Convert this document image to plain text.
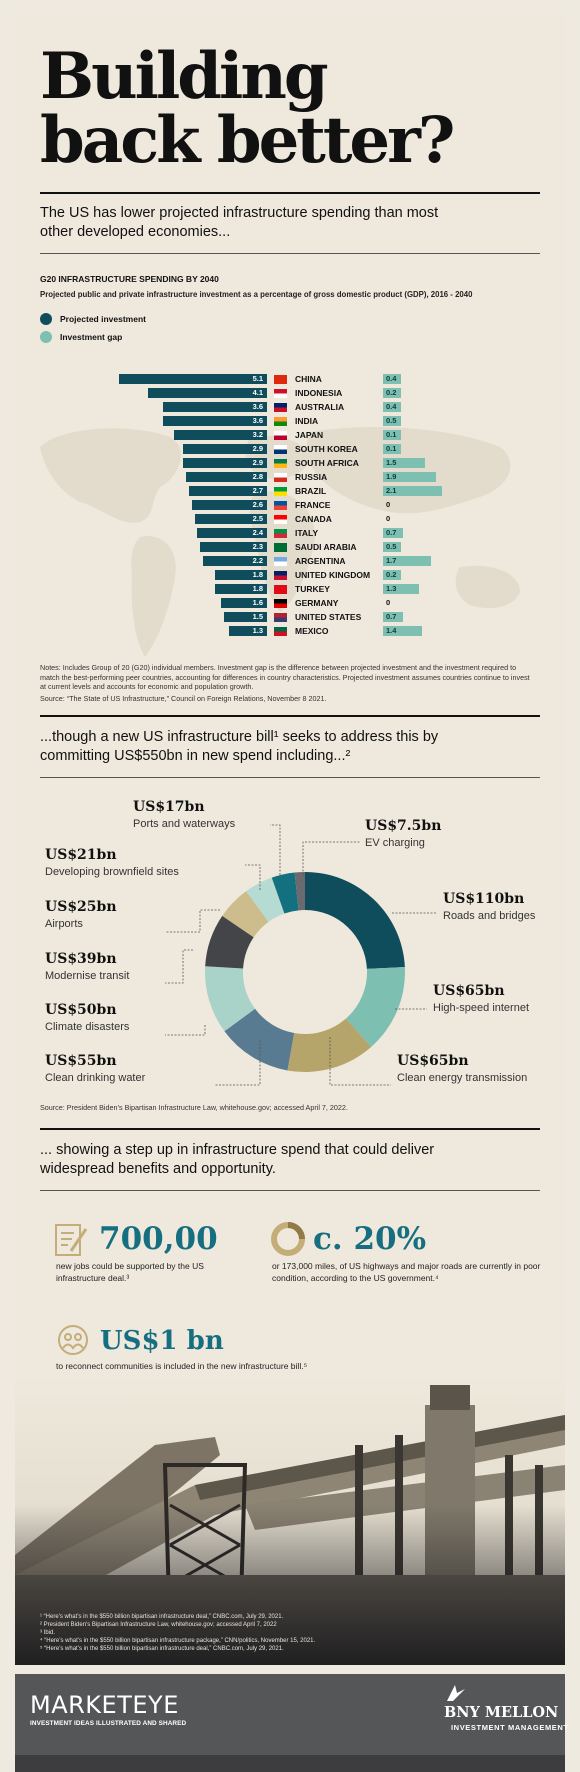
Building back better?
The US has lower projected infrastructure spending than most other developed economies...
G20 INFRASTRUCTURE SPENDING BY 2040
Projected public and private infrastructure investment as a percentage of gross domestic product (GDP), 2016 - 2040
Projected investment
Investment gap
5.1	CHINA	0.4
4.1	INDONESIA	0.2
3.6	AUSTRALIA	0.4
3.6	INDIA	0.5
3.2	JAPAN	0.1
2.9	SOUTH KOREA	0.1
2.9	SOUTH AFRICA	1.5
2.8	RUSSIA	1.9
2.7	BRAZIL	2.1
2.6	FRANCE	0
2.5	CANADA	0
2.4	ITALY	0.7
2.3	SAUDI ARABIA	0.5
2.2	ARGENTINA	1.7
1.8	UNITED KINGDOM	0.2
1.8	TURKEY	1.3
1.6	GERMANY	0
1.5	UNITED STATES	0.7
1.3	MEXICO	1.4
Notes: Includes Group of 20 (G20) individual members. Investment gap is the difference between projected investment and the investment required to match the best-performing peer countries, accounting for differences in country characteristics. Projected investment assumes countries continue to invest at current levels and accounts for economic and population growth.
Source: “The State of US Infrastructure,” Council on Foreign Relations, November 8 2021.
...though a new US infrastructure bill¹ seeks to address this by committing US$550bn in new spend including...²
US$110bn
Roads and bridges
US$65bn
High-speed internet
US$65bn
Clean energy transmission
US$55bn
Clean drinking water
US$50bn
Climate disasters
US$39bn
Modernise transit
US$25bn
Airports
US$21bn
Developing brownfield sites
US$17bn
Ports and waterways	US$7.5bn
EV charging
Source: President Biden’s Bipartisan Infrastructure Law, whitehouse.gov; accessed April 7, 2022.
... showing a step up in infrastructure spend that could deliver widespread benefits and opportunity.
700,00
new jobs could be supported by the US infrastructure deal.³
c. 20%
or 173,000 miles, of US highways and major roads are currently in poor condition, according to the US government.⁴
US$1 bn
to reconnect communities is included in the new infrastructure bill.⁵
¹ “Here’s what’s in the $550 billion bipartisan infrastructure deal,” CNBC.com, July 29, 2021.
² President Biden’s Bipartisan Infrastructure Law, whitehouse.gov; accessed April 7, 2022
³ Ibid.
⁴ “Here’s what’s in the $550 billion bipartisan infrastructure package,” CNN/politics, November 15, 2021.
⁵ “Here’s what’s in the $550 billion bipartisan infrastructure deal,” CNBC.com, July 29, 2021.
MARKETEYE
INVESTMENT IDEAS ILLUSTRATED AND SHARED
BNY MELLON
INVESTMENT MANAGEMENT
